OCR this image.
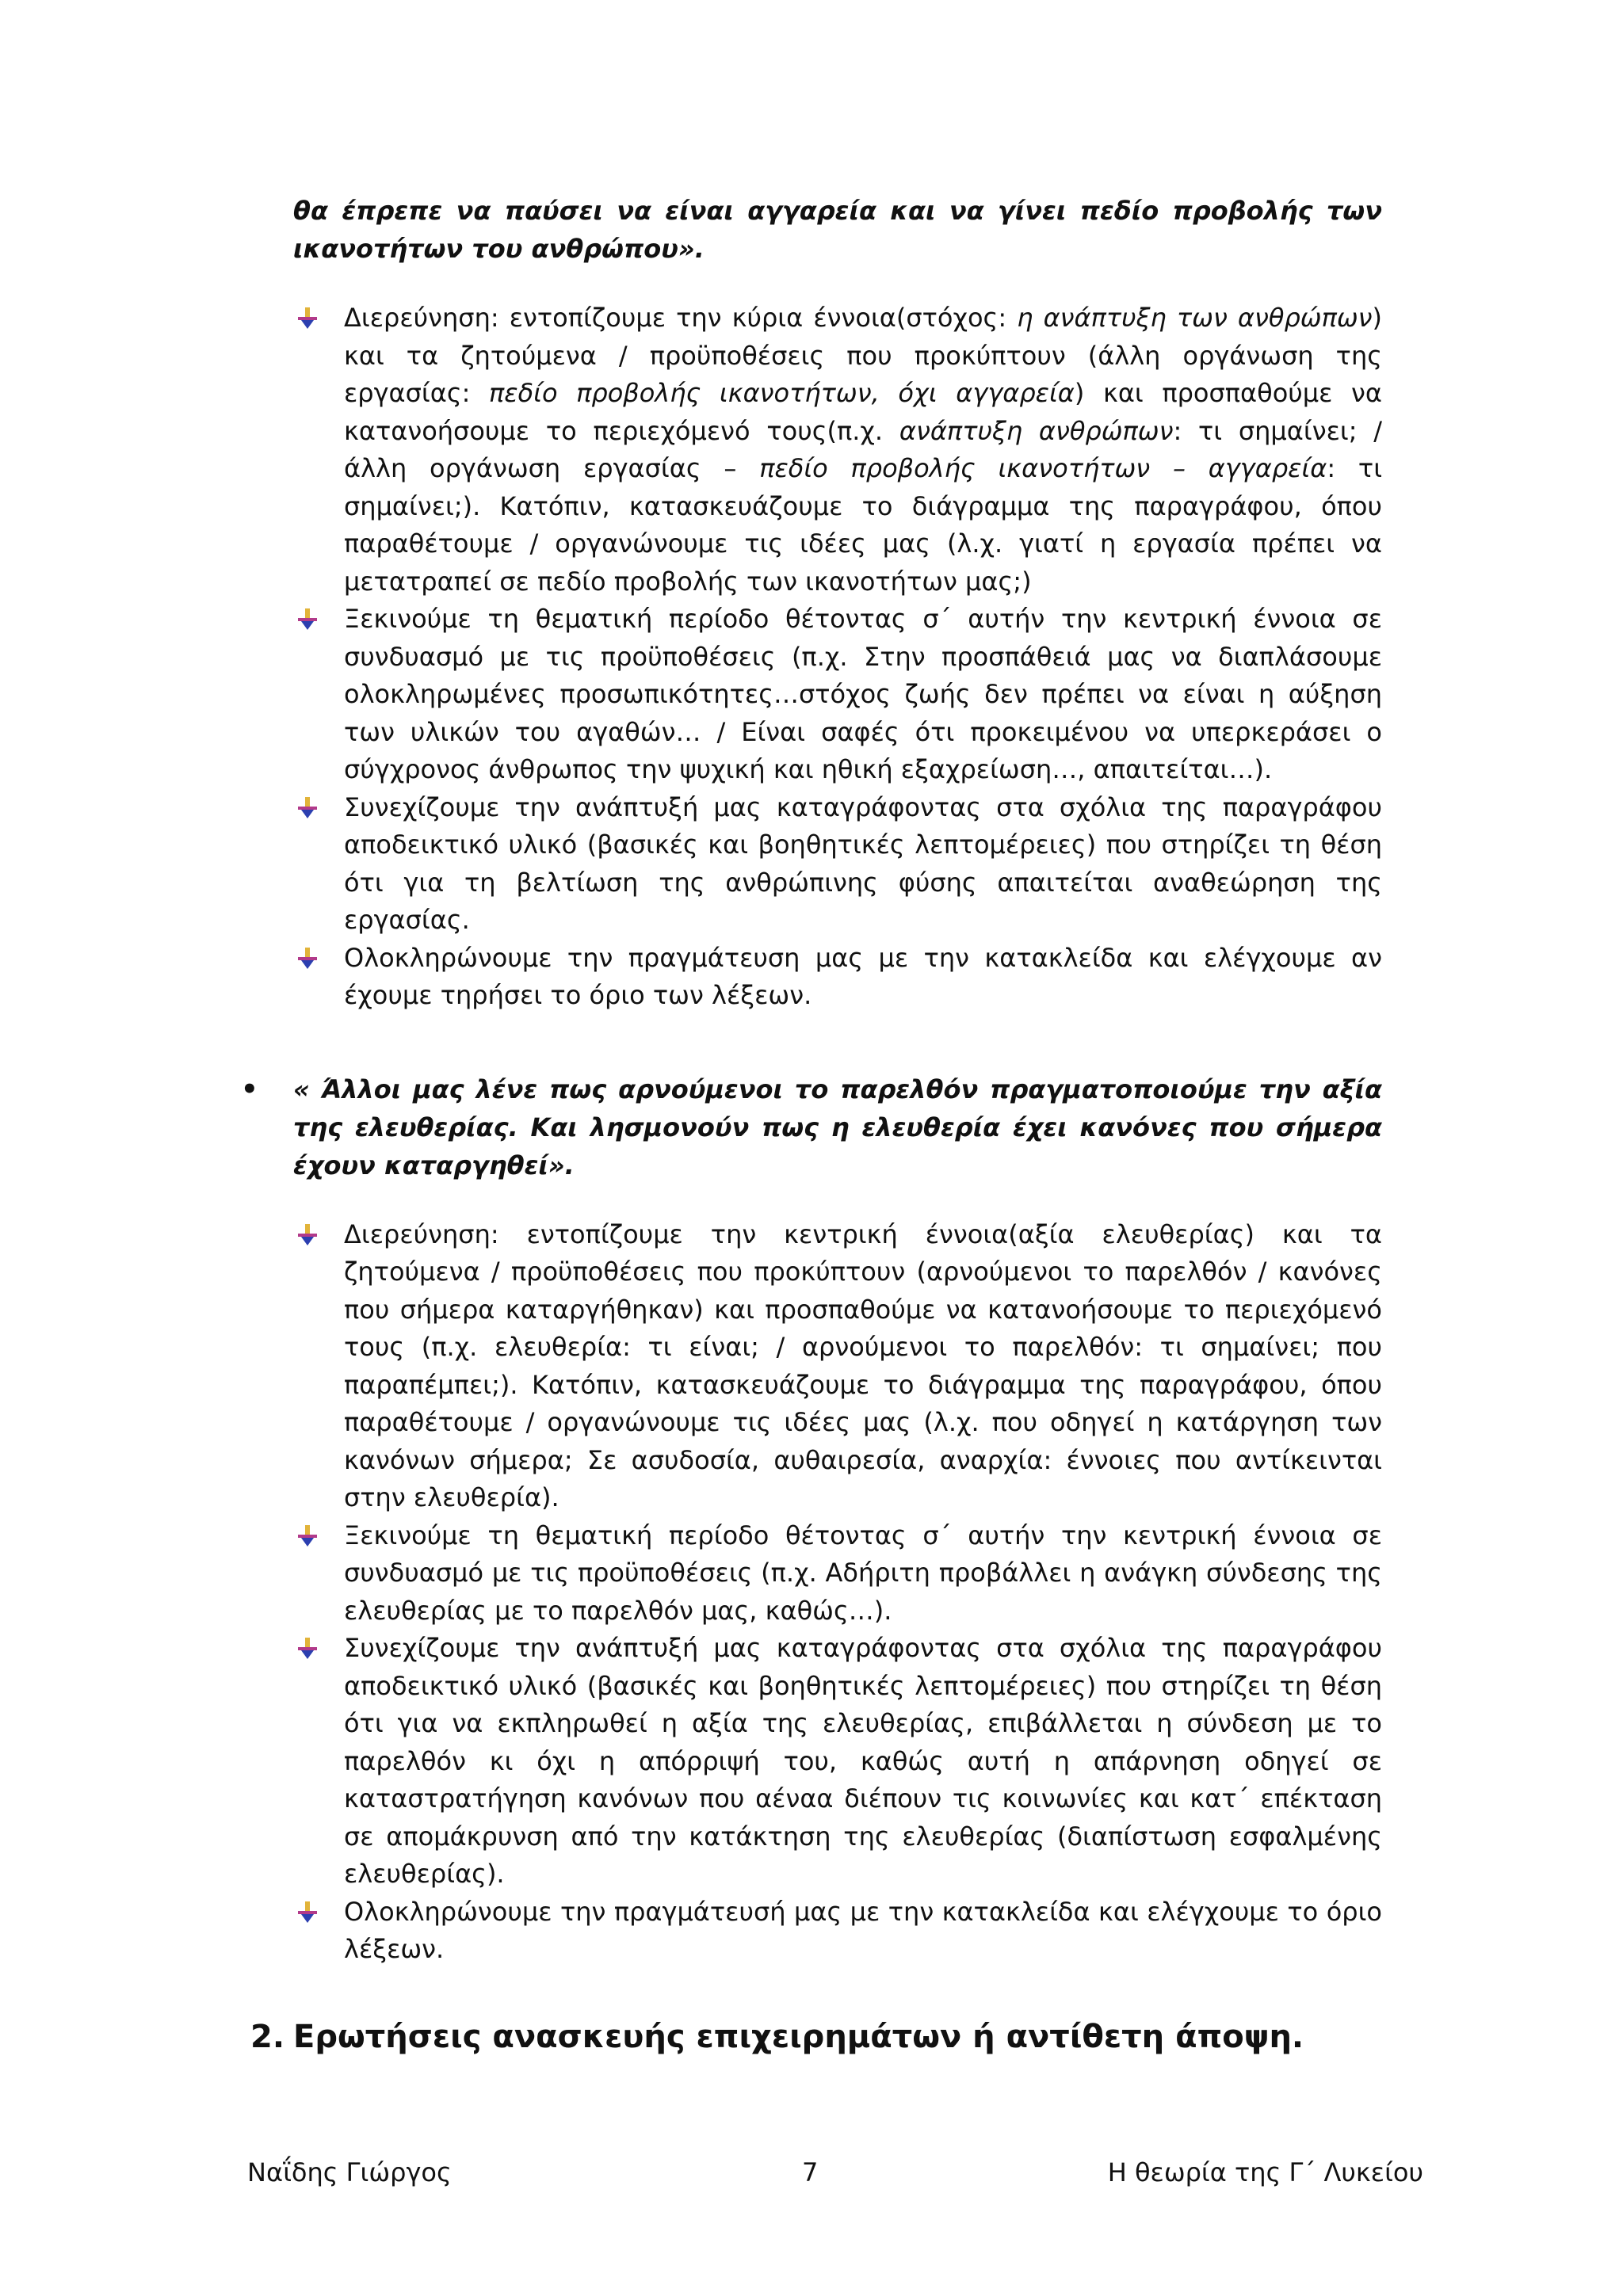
θα έπρεπε να παύσει να είναι αγγαρεία και να γίνει πεδίο προβολής των ικανοτήτων του ανθρώπου».

Διερεύνηση: εντοπίζουμε την κύρια έννοια(στόχος: η ανάπτυξη των ανθρώπων) και τα ζητούμενα / προϋποθέσεις που προκύπτουν (άλλη οργάνωση της εργασίας: πεδίο προβολής ικανοτήτων, όχι αγγαρεία) και προσπαθούμε να κατανοήσουμε το περιεχόμενό τους(π.χ. ανάπτυξη ανθρώπων: τι σημαίνει; / άλλη οργάνωση εργασίας – πεδίο προβολής ικανοτήτων – αγγαρεία: τι σημαίνει;). Κατόπιν, κατασκευάζουμε το διάγραμμα της παραγράφου, όπου παραθέτουμε / οργανώνουμε τις ιδέες μας (λ.χ. γιατί η εργασία πρέπει να μετατραπεί σε πεδίο προβολής των ικανοτήτων μας;)
Ξεκινούμε τη θεματική περίοδο θέτοντας σ΄ αυτήν την κεντρική έννοια σε συνδυασμό με τις προϋποθέσεις (π.χ. Στην προσπάθειά μας να διαπλάσουμε ολοκληρωμένες προσωπικότητες…στόχος ζωής δεν πρέπει να είναι η αύξηση των υλικών του αγαθών… / Είναι σαφές ότι προκειμένου να υπερκεράσει ο σύγχρονος άνθρωπος την ψυχική και ηθική εξαχρείωση…, απαιτείται…).
Συνεχίζουμε την ανάπτυξή μας καταγράφοντας στα σχόλια της παραγράφου αποδεικτικό υλικό (βασικές και βοηθητικές λεπτομέρειες) που στηρίζει τη θέση ότι για τη βελτίωση της ανθρώπινης φύσης απαιτείται αναθεώρηση της εργασίας.
Ολοκληρώνουμε την πραγμάτευση μας με την κατακλείδα και ελέγχουμε αν έχουμε τηρήσει το όριο των λέξεων.
• « Άλλοι μας λένε πως αρνούμενοι το παρελθόν πραγματοποιούμε την αξία της ελευθερίας. Και λησμονούν πως η ελευθερία έχει κανόνες που σήμερα έχουν καταργηθεί».
Διερεύνηση: εντοπίζουμε την κεντρική έννοια(αξία ελευθερίας) και τα ζητούμενα / προϋποθέσεις που προκύπτουν (αρνούμενοι το παρελθόν / κανόνες που σήμερα καταργήθηκαν) και προσπαθούμε να κατανοήσουμε το περιεχόμενό τους (π.χ. ελευθερία: τι είναι; / αρνούμενοι το παρελθόν: τι σημαίνει; που παραπέμπει;). Κατόπιν, κατασκευάζουμε το διάγραμμα της παραγράφου, όπου παραθέτουμε / οργανώνουμε τις ιδέες μας (λ.χ. που οδηγεί η κατάργηση των κανόνων σήμερα; Σε ασυδοσία, αυθαιρεσία, αναρχία: έννοιες που αντίκεινται στην ελευθερία).
Ξεκινούμε τη θεματική περίοδο θέτοντας σ΄ αυτήν την κεντρική έννοια σε συνδυασμό με τις προϋποθέσεις (π.χ. Αδήριτη προβάλλει η ανάγκη σύνδεσης της ελευθερίας με το παρελθόν μας, καθώς…).
Συνεχίζουμε την ανάπτυξή μας καταγράφοντας στα σχόλια της παραγράφου αποδεικτικό υλικό (βασικές και βοηθητικές λεπτομέρειες) που στηρίζει τη θέση ότι για να εκπληρωθεί η αξία της ελευθερίας, επιβάλλεται η σύνδεση με το παρελθόν κι όχι η απόρριψή του, καθώς αυτή η απάρνηση οδηγεί σε καταστρατήγηση κανόνων που αέναα διέπουν τις κοινωνίες και κατ΄ επέκταση σε απομάκρυνση από την κατάκτηση της ελευθερίας (διαπίστωση εσφαλμένης ελευθερίας).
Ολοκληρώνουμε την πραγμάτευσή μας με την κατακλείδα και ελέγχουμε το όριο λέξεων.
2. Ερωτήσεις ανασκευής επιχειρημάτων ή αντίθετη άποψη.
Ναΐδης Γιώργος	7	Η θεωρία της Γ΄ Λυκείου
